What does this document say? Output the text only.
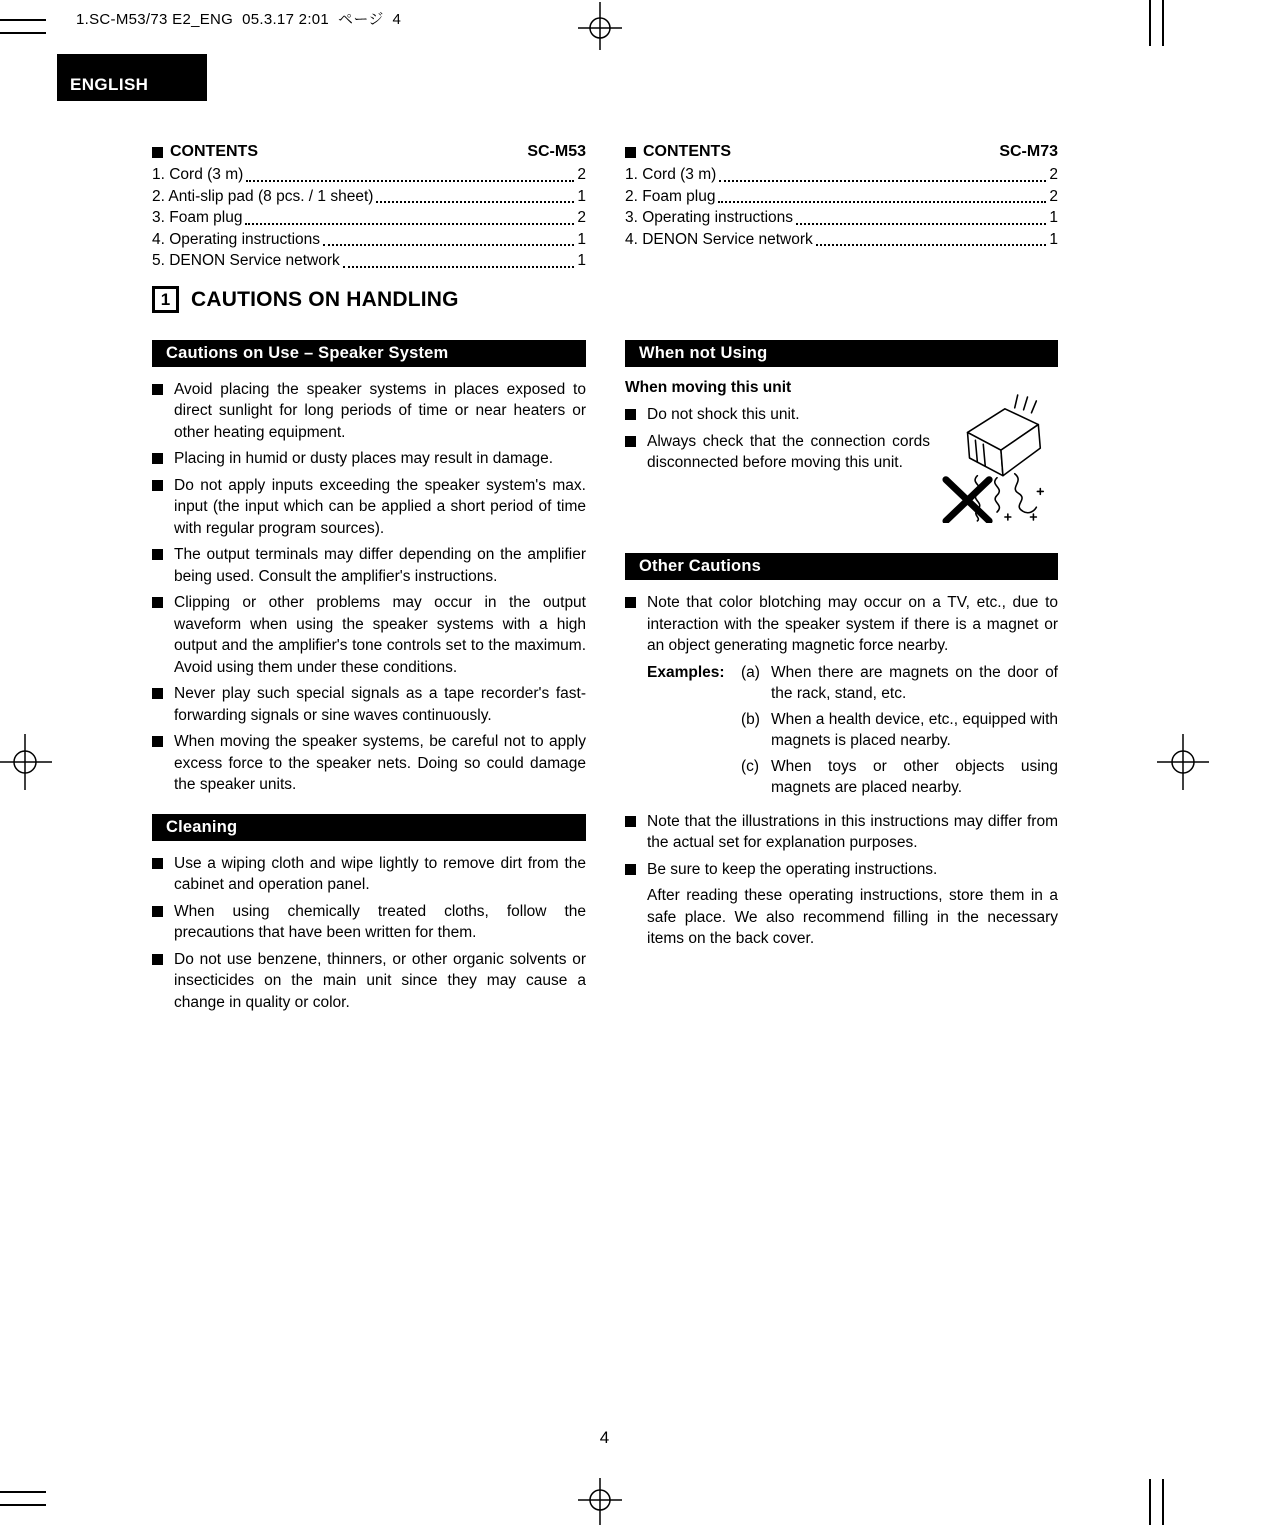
1.SC-M53/73 E2_ENG  05.3.17 2:01  ページ  4
ENGLISH
CONTENTS	SC-M53
1. Cord (3 m)	2
2. Anti-slip pad (8 pcs. / 1 sheet)	1
3. Foam plug	2
4. Operating instructions	1
5. DENON Service network	1
1 CAUTIONS ON HANDLING
Cautions on Use – Speaker System
Avoid placing the speaker systems in places exposed to direct sunlight for long periods of time or near heaters or other heating equipment.
Placing in humid or dusty places may result in damage.
Do not apply inputs exceeding the speaker system's max. input (the input which can be applied a short period of time with regular program sources).
The output terminals may differ depending on the amplifier being used. Consult the amplifier's instructions.
Clipping or other problems may occur in the output waveform when using the speaker systems with a high output and the amplifier's tone controls set to the maximum. Avoid using them under these conditions.
Never play such special signals as a tape recorder's fast-forwarding signals or sine waves continuously.
When moving the speaker systems, be careful not to apply excess force to the speaker nets. Doing so could damage the speaker units.
Cleaning
Use a wiping cloth and wipe lightly to remove dirt from the cabinet and operation panel.
When using chemically treated cloths, follow the precautions that have been written for them.
Do not use benzene, thinners, or other organic solvents or insecticides on the main unit since they may cause a change in quality or color.
CONTENTS	SC-M73
1. Cord (3 m)	2
2. Foam plug	2
3. Operating instructions	1
4. DENON Service network	1
When not Using
When moving this unit
Do not shock this unit.
Always check that the connection cords disconnected before moving this unit.
Other Cautions
Note that color blotching may occur on a TV, etc., due to interaction with the speaker system if there is a magnet or an object generating magnetic force nearby.
Examples:	(a) When there are magnets on the door of the rack, stand, etc.
(b) When a health device, etc., equipped with magnets is placed nearby.
(c) When toys or other objects using magnets are placed nearby.
Note that the illustrations in this instructions may differ from the actual set for explanation purposes.
Be sure to keep the operating instructions.
After reading these operating instructions, store them in a safe place. We also recommend filling in the necessary items on the back cover.
4
